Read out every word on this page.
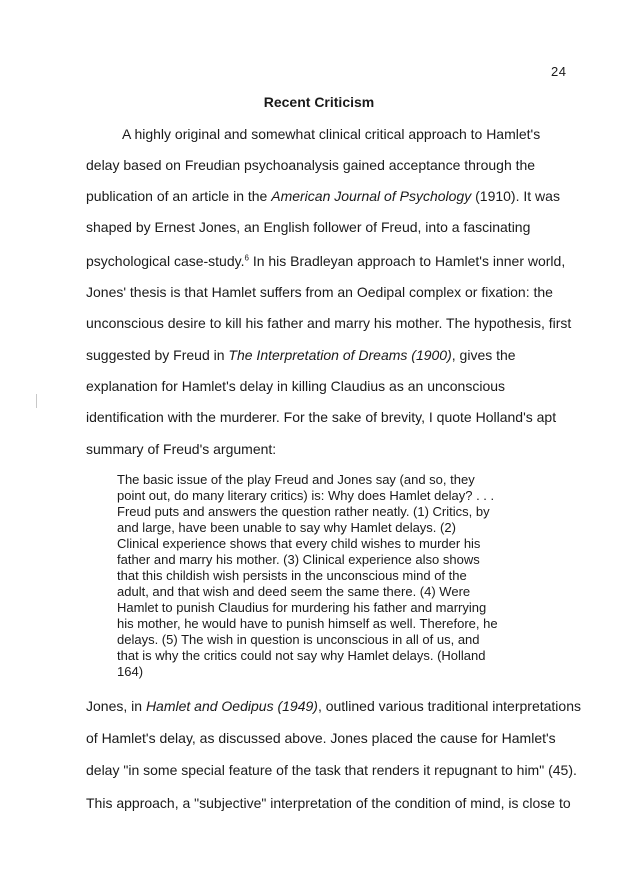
24
Recent Criticism
A highly original and somewhat clinical critical approach to Hamlet's
delay based on Freudian psychoanalysis gained acceptance through the
publication of an article in the American Journal of Psychology (1910). It was
shaped by Ernest Jones, an English follower of Freud, into a fascinating
psychological case-study.$^6$ In his Bradleyan approach to Hamlet's inner world,
Jones' thesis is that Hamlet suffers from an Oedipal complex or fixation: the
unconscious desire to kill his father and marry his mother. The hypothesis, first
suggested by Freud in The Interpretation of Dreams (1900), gives the
explanation for Hamlet's delay in killing Claudius as an unconscious
identification with the murderer. For the sake of brevity, I quote Holland's apt
summary of Freud's argument:
The basic issue of the play Freud and Jones say (and so, they
point out, do many literary critics) is: Why does Hamlet delay? . . .
Freud puts and answers the question rather neatly. (1) Critics, by
and large, have been unable to say why Hamlet delays. (2)
Clinical experience shows that every child wishes to murder his
father and marry his mother. (3) Clinical experience also shows
that this childish wish persists in the unconscious mind of the
adult, and that wish and deed seem the same there. (4) Were
Hamlet to punish Claudius for murdering his father and marrying
his mother, he would have to punish himself as well. Therefore, he
delays. (5) The wish in question is unconscious in all of us, and
that is why the critics could not say why Hamlet delays. (Holland
164)
Jones, in Hamlet and Oedipus (1949), outlined various traditional interpretations
of Hamlet's delay, as discussed above. Jones placed the cause for Hamlet's
delay "in some special feature of the task that renders it repugnant to him" (45).
This approach, a "subjective" interpretation of the condition of mind, is close to
